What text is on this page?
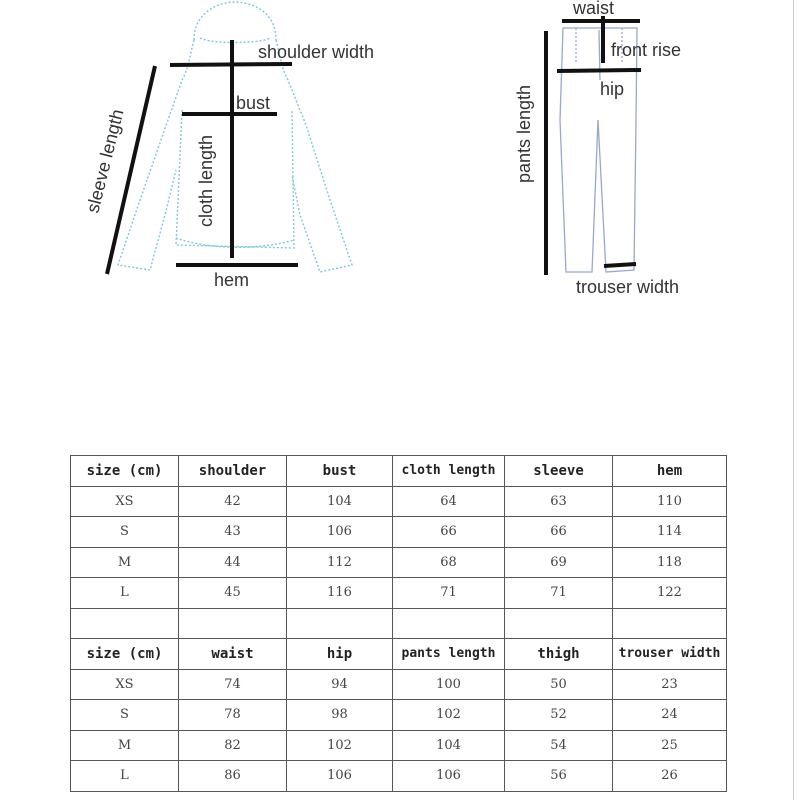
shoulder width
bust
sleeve length	cloth length
hem
waist
front rise
hip
pants length
trouser width
size (cm)	shoulder	bust	cloth length	sleeve	hem
XS	42	104	64	63	110
S	43	106	66	66	114
M	44	112	68	69	118
L	45	116	71	71	122

size (cm)	waist	hip	pants length	thigh	trouser width
XS	74	94	100	50	23
S	78	98	102	52	24
M	82	102	104	54	25
L	86	106	106	56	26
